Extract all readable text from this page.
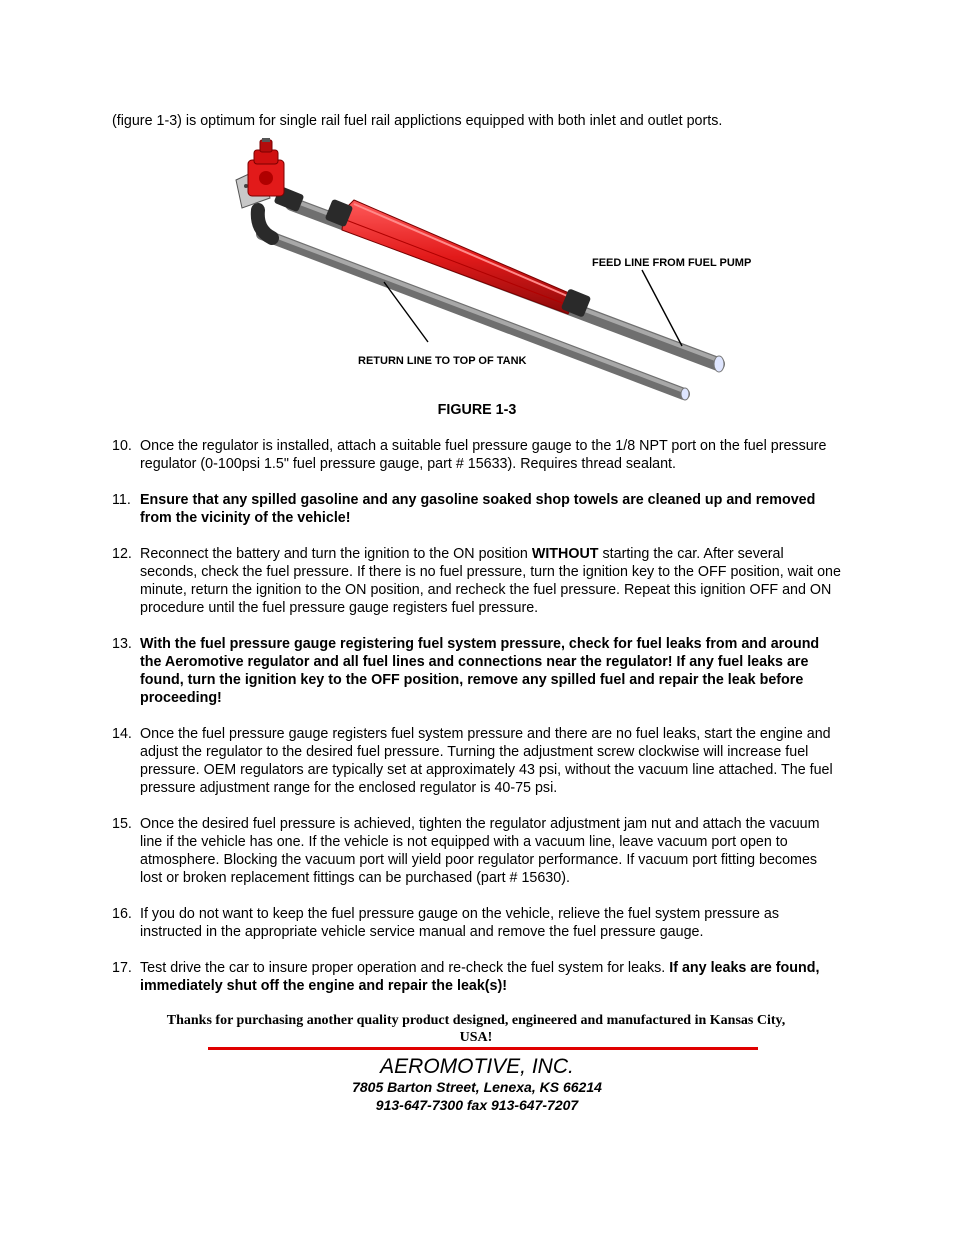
(figure 1-3) is optimum for single rail fuel rail applictions equipped with both inlet and outlet ports.
FEED LINE FROM FUEL PUMP
RETURN LINE TO TOP OF TANK
FIGURE 1-3
10. Once the regulator is installed, attach a suitable fuel pressure gauge to the 1/8 NPT port on the fuel pressure regulator (0-100psi 1.5" fuel pressure gauge, part # 15633). Requires thread sealant.
11. Ensure that any spilled gasoline and any gasoline soaked shop towels are cleaned up and removed from the vicinity of the vehicle!
12. Reconnect the battery and turn the ignition to the ON position WITHOUT starting the car. After several seconds, check the fuel pressure. If there is no fuel pressure, turn the ignition key to the OFF position, wait one minute, return the ignition to the ON position, and recheck the fuel pressure. Repeat this ignition OFF and ON procedure until the fuel pressure gauge registers fuel pressure.
13. With the fuel pressure gauge registering fuel system pressure, check for fuel leaks from and around the Aeromotive regulator and all fuel lines and connections near the regulator! If any fuel leaks are found, turn the ignition key to the OFF position, remove any spilled fuel and repair the leak before proceeding!
14. Once the fuel pressure gauge registers fuel system pressure and there are no fuel leaks, start the engine and adjust the regulator to the desired fuel pressure. Turning the adjustment screw clockwise will increase fuel pressure. OEM regulators are typically set at approximately 43 psi, without the vacuum line attached. The fuel pressure adjustment range for the enclosed regulator is 40-75 psi.
15. Once the desired fuel pressure is achieved, tighten the regulator adjustment jam nut and attach the vacuum line if the vehicle has one. If the vehicle is not equipped with a vacuum line, leave vacuum port open to atmosphere. Blocking the vacuum port will yield poor regulator performance. If vacuum port fitting becomes lost or broken replacement fittings can be purchased (part # 15630).
16. If you do not want to keep the fuel pressure gauge on the vehicle, relieve the fuel system pressure as instructed in the appropriate vehicle service manual and remove the fuel pressure gauge.
17. Test drive the car to insure proper operation and re-check the fuel system for leaks. If any leaks are found, immediately shut off the engine and repair the leak(s)!
Thanks for purchasing another quality product designed, engineered and manufactured in Kansas City, USA!
AEROMOTIVE, INC.
7805 Barton Street, Lenexa, KS 66214
913-647-7300 fax 913-647-7207
